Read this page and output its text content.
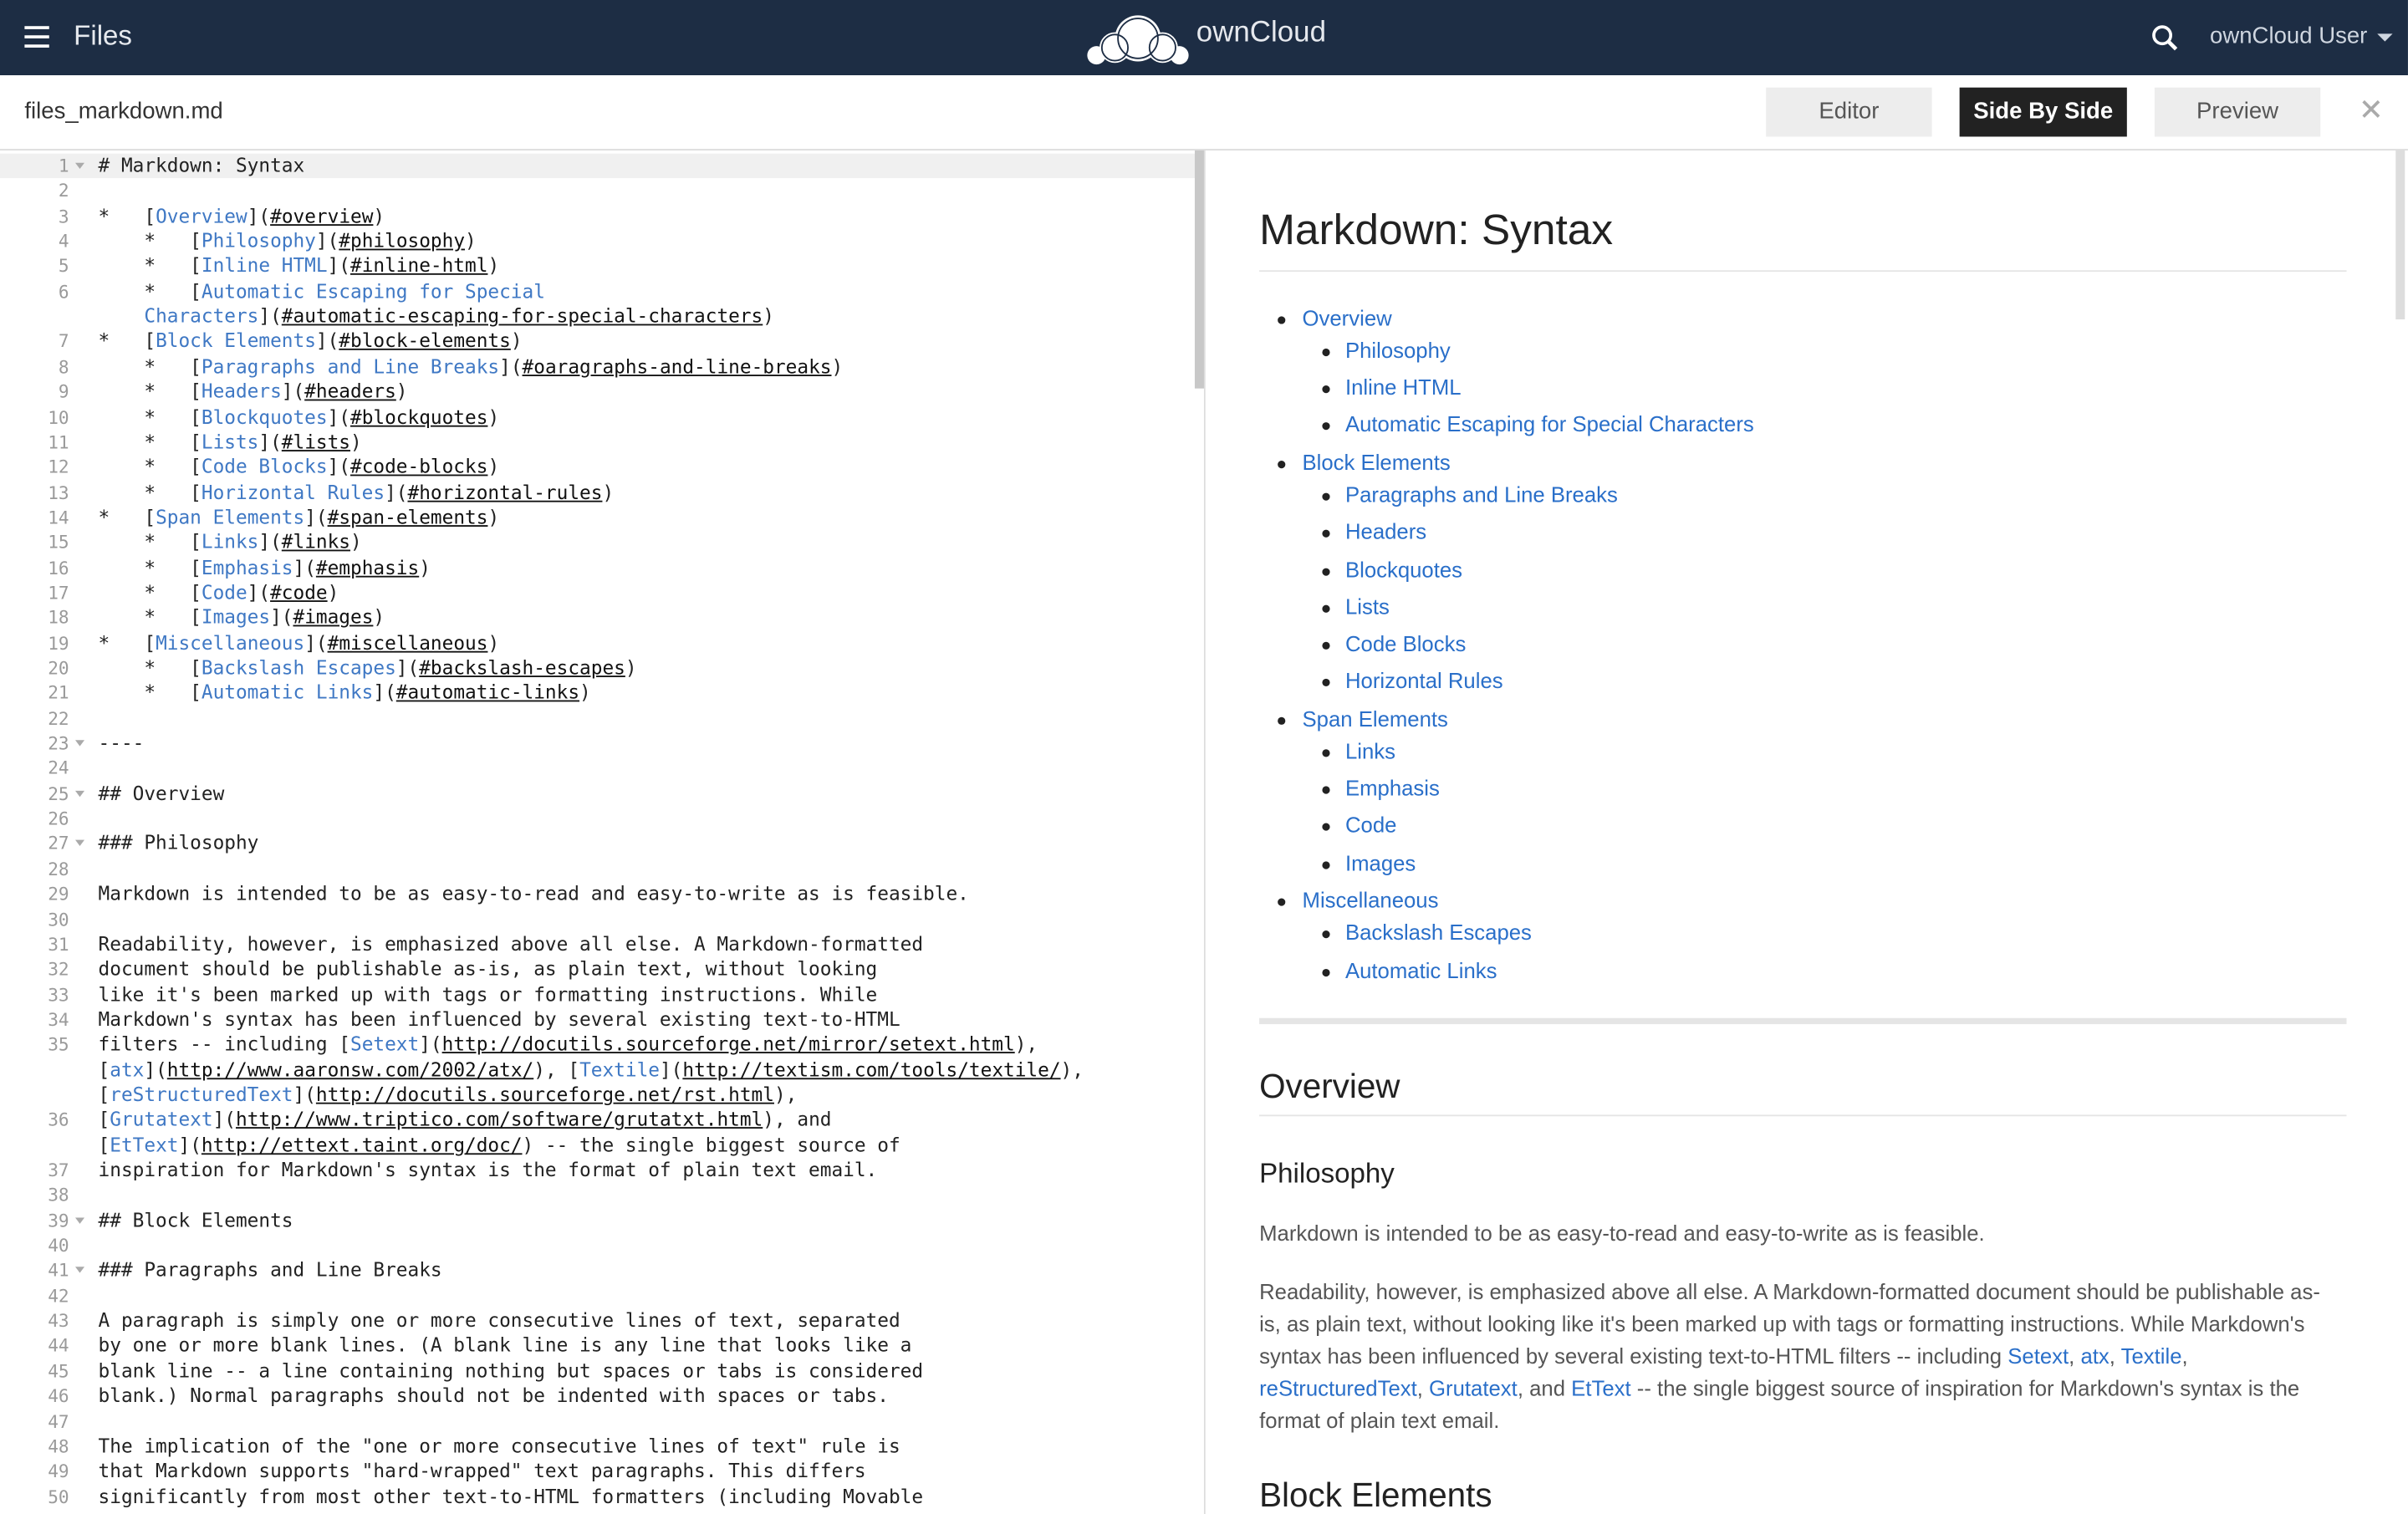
Files	ownCloud	ownCloud User
files_markdown.md	Editor	Side By Side	Preview
1	# Markdown: Syntax
2
3	*   [Overview](#overview)
4	*   [Philosophy](#philosophy)
5	*   [Inline HTML](#inline-html)
6	*   [Automatic Escaping for Special
Characters](#automatic-escaping-for-special-characters)
7	*   [Block Elements](#block-elements)
8	*   [Paragraphs and Line Breaks](#oaragraphs-and-line-breaks)
9	*   [Headers](#headers)
10	*   [Blockquotes](#blockquotes)
11	*   [Lists](#lists)
12	*   [Code Blocks](#code-blocks)
13	*   [Horizontal Rules](#horizontal-rules)
14	*   [Span Elements](#span-elements)
15	*   [Links](#links)
16	*   [Emphasis](#emphasis)
17	*   [Code](#code)
18	*   [Images](#images)
19	*   [Miscellaneous](#miscellaneous)
20	*   [Backslash Escapes](#backslash-escapes)
21	*   [Automatic Links](#automatic-links)
22
23	----
24
25	## Overview
26
27	### Philosophy
28
29	Markdown is intended to be as easy-to-read and easy-to-write as is feasible.
30
31	Readability, however, is emphasized above all else. A Markdown-formatted
32	document should be publishable as-is, as plain text, without looking
33	like it's been marked up with tags or formatting instructions. While
34	Markdown's syntax has been influenced by several existing text-to-HTML
35	filters -- including [Setext](http://docutils.sourceforge.net/mirror/setext.html),
[atx](http://www.aaronsw.com/2002/atx/), [Textile](http://textism.com/tools/textile/),
[reStructuredText](http://docutils.sourceforge.net/rst.html),
36	[Grutatext](http://www.triptico.com/software/grutatxt.html), and
[EtText](http://ettext.taint.org/doc/) -- the single biggest source of
37	inspiration for Markdown's syntax is the format of plain text email.
38
39	## Block Elements
40
41	### Paragraphs and Line Breaks
42
43	A paragraph is simply one or more consecutive lines of text, separated
44	by one or more blank lines. (A blank line is any line that looks like a
45	blank line -- a line containing nothing but spaces or tabs is considered
46	blank.) Normal paragraphs should not be indented with spaces or tabs.
47
48	The implication of the "one or more consecutive lines of text" rule is
49	that Markdown supports "hard-wrapped" text paragraphs. This differs
50	significantly from most other text-to-HTML formatters (including Movable
Markdown: Syntax
Overview
Philosophy
Inline HTML
Automatic Escaping for Special Characters
Block Elements
Paragraphs and Line Breaks
Headers
Blockquotes
Lists
Code Blocks
Horizontal Rules
Span Elements
Links
Emphasis
Code
Images
Miscellaneous
Backslash Escapes
Automatic Links
Overview
Philosophy
Markdown is intended to be as easy-to-read and easy-to-write as is feasible.
Readability, however, is emphasized above all else. A Markdown-formatted document should be publishable as-
is, as plain text, without looking like it's been marked up with tags or formatting instructions. While Markdown's
syntax has been influenced by several existing text-to-HTML filters -- including Setext, atx, Textile,
reStructuredText, Grutatext, and EtText -- the single biggest source of inspiration for Markdown's syntax is the
format of plain text email.
Block Elements
